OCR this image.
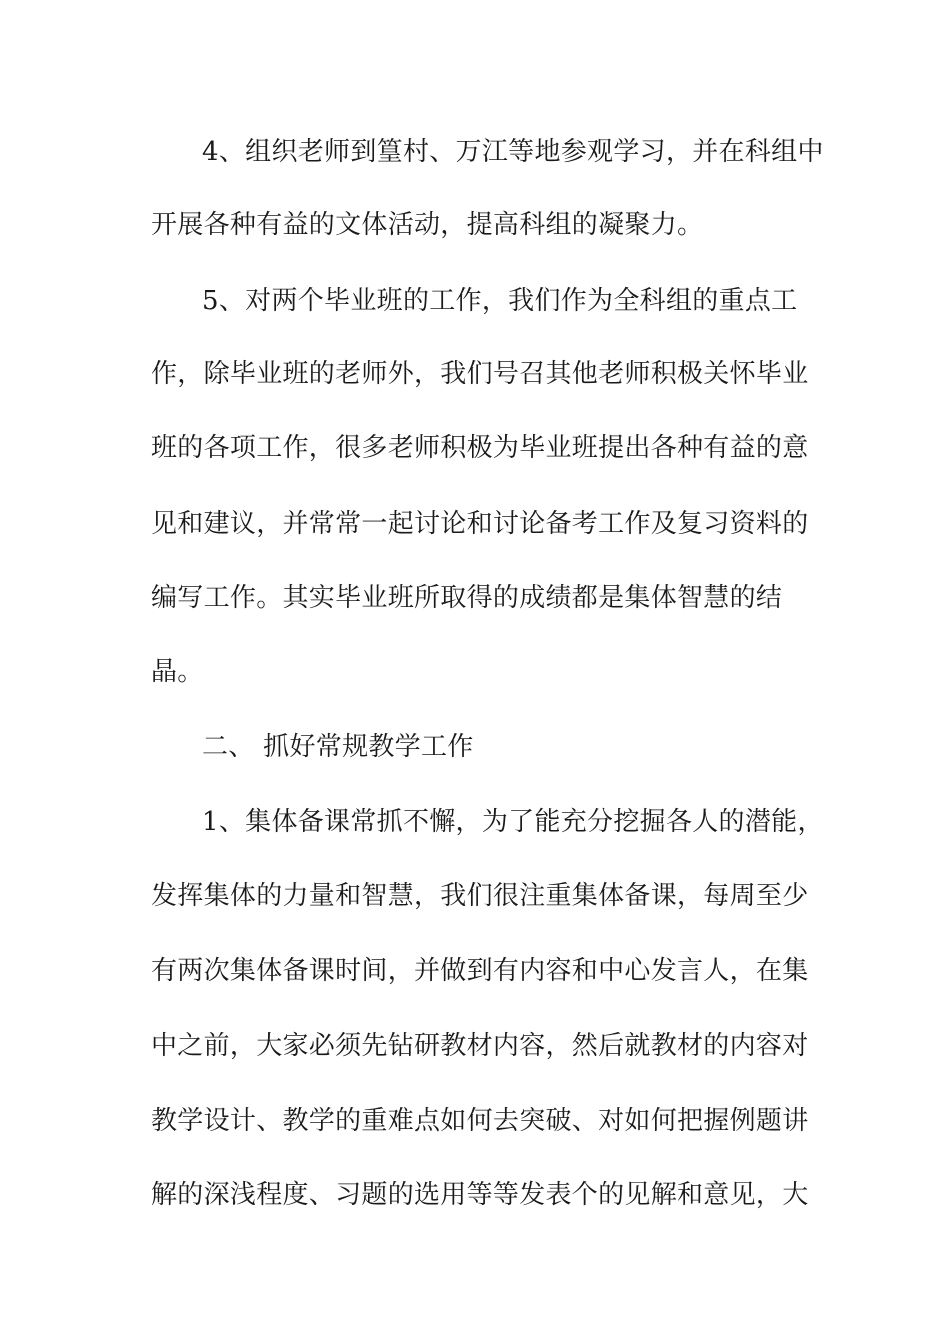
4、组织老师到篁村、万江等地参观学习，并在科组中
开展各种有益的文体活动，提高科组的凝聚力。
5、对两个毕业班的工作，我们作为全科组的重点工
作，除毕业班的老师外，我们号召其他老师积极关怀毕业
班的各项工作，很多老师积极为毕业班提出各种有益的意
见和建议，并常常一起讨论和讨论备考工作及复习资料的
编写工作。其实毕业班所取得的成绩都是集体智慧的结
晶。
二、 抓好常规教学工作
1、集体备课常抓不懈，为了能充分挖掘各人的潜能，
发挥集体的力量和智慧，我们很注重集体备课，每周至少
有两次集体备课时间，并做到有内容和中心发言人，在集
中之前，大家必须先钻研教材内容，然后就教材的内容对
教学设计、教学的重难点如何去突破、对如何把握例题讲
解的深浅程度、习题的选用等等发表个的见解和意见，大
